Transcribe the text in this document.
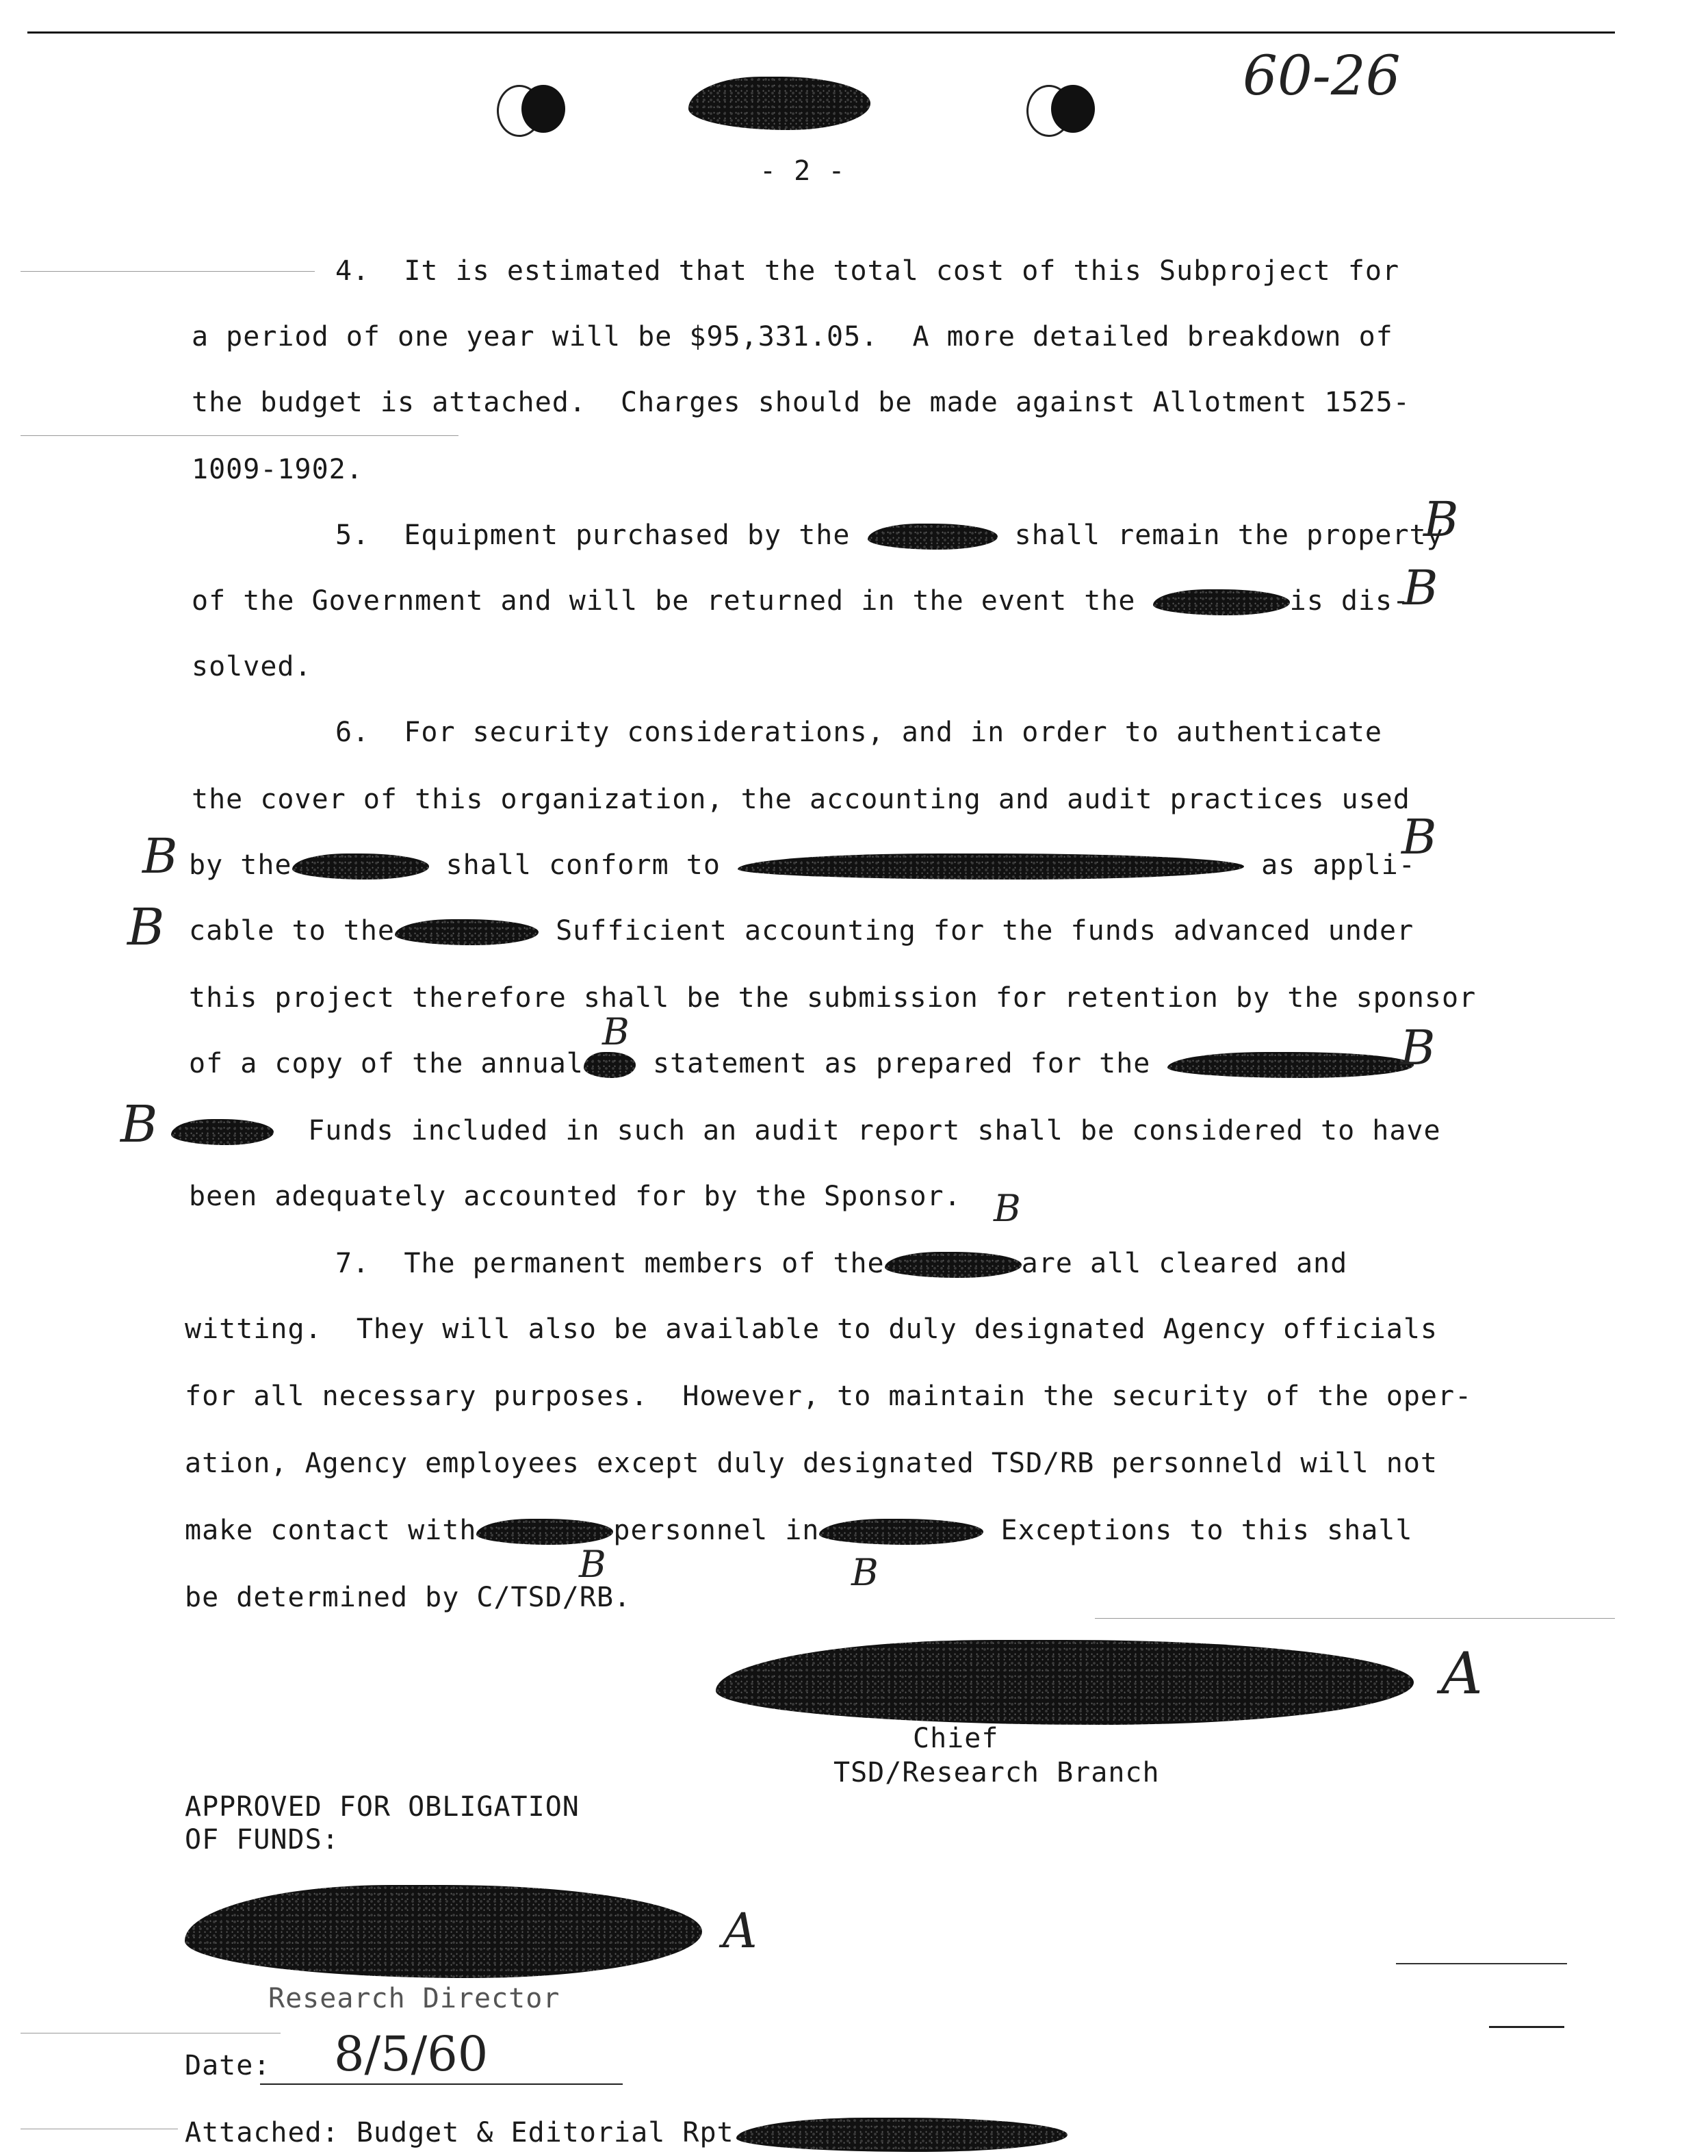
60-26
- 2 -
4.  It is estimated that the total cost of this Subproject for
a period of one year will be $95,331.05.  A more detailed breakdown of
the budget is attached.  Charges should be made against Allotment 1525-
1009-1902.
5.  Equipment purchased by the	shall remain the property
of the Government and will be returned in the event the	is dis-
solved.
6.  For security considerations, and in order to authenticate
the cover of this organization, the accounting and audit practices used
by the	shall conform to	as appli-
cable to the	Sufficient accounting for the funds advanced under
this project therefore shall be the submission for retention by the sponsor
of a copy of the annual	statement as prepared for the
Funds included in such an audit report shall be considered to have
been adequately accounted for by the Sponsor.
7.  The permanent members of the	are all cleared and
witting.  They will also be available to duly designated Agency officials
for all necessary purposes.  However, to maintain the security of the oper-
ation, Agency employees except duly designated TSD/RB personneld will not
make contact with	personnel in	Exceptions to this shall
be determined by C/TSD/RB.
Chief
TSD/Research Branch
APPROVED FOR OBLIGATION
OF FUNDS:
Research Director
Date: 8/5/60
Attached: Budget & Editorial Rpt
B
B
B	B
B
B	B
B
B
B	B
A
A
